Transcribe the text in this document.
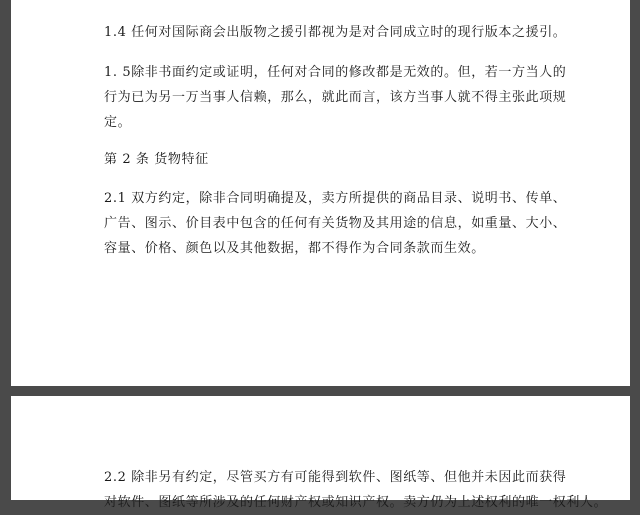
1.4 任何对国际商会出版物之援引都视为是对合同成立时的现行版本之援引。

1. 5除非书面约定或证明，任何对合同的修改都是无效的。但，若一方当人的
行为已为另一万当事人信赖，那么，就此而言，该方当事人就不得主张此项规
定。

第 2 条 货物特征

2.1 双方约定，除非合同明确提及，卖方所提供的商品目录、说明书、传单、
广告、图示、价目表中包含的任何有关货物及其用途的信息，如重量、大小、
容量、价格、颜色以及其他数据，都不得作为合同条款而生效。

2.2 除非另有约定，尽管买方有可能得到软件、图纸等、但他并未因此而获得
对软件、图纸等所涉及的任何财产权或知识产权。卖方仍为上述权利的唯一权利人。
